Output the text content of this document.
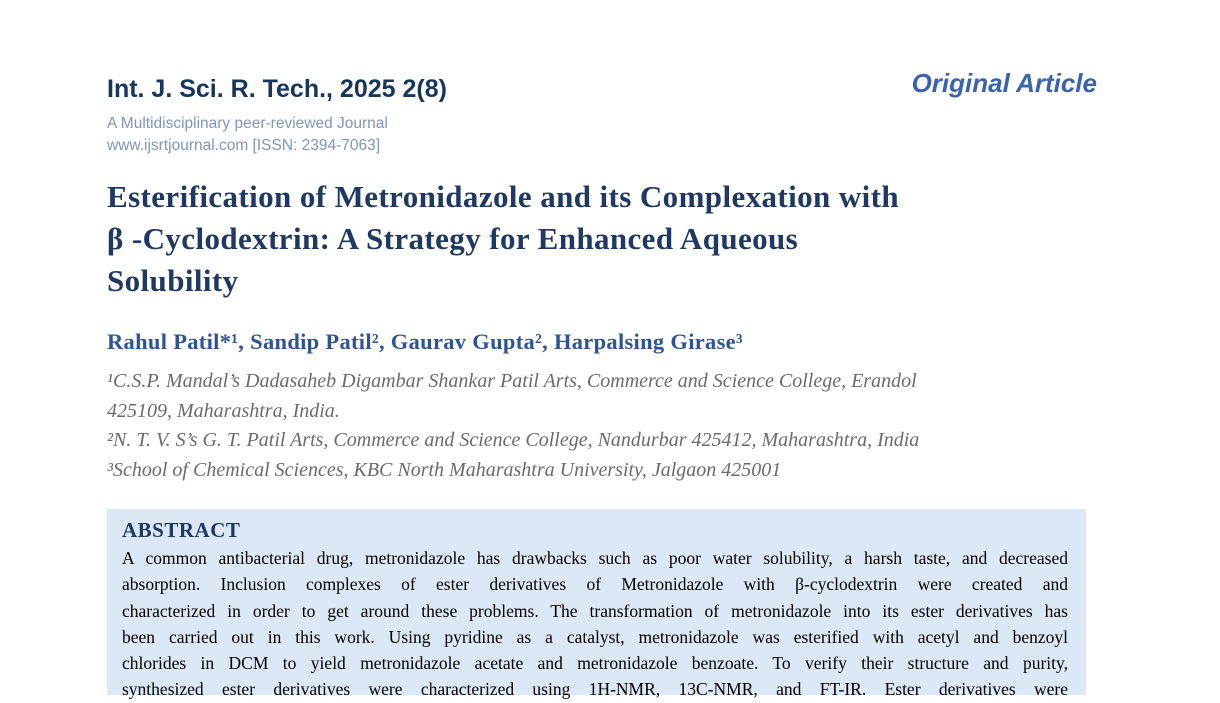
Int. J. Sci. R. Tech., 2025 2(8)
A Multidisciplinary peer-reviewed Journal
www.ijsrtjournal.com [ISSN: 2394-7063]
Original Article
Esterification of Metronidazole and its Complexation with
β -Cyclodextrin: A Strategy for Enhanced Aqueous
Solubility
Rahul Patil*¹, Sandip Patil², Gaurav Gupta², Harpalsing Girase³
¹C.S.P. Mandal’s Dadasaheb Digambar Shankar Patil Arts, Commerce and Science College, Erandol
425109, Maharashtra, India.
²N. T. V. S’s G. T. Patil Arts, Commerce and Science College, Nandurbar 425412, Maharashtra, India
³School of Chemical Sciences, KBC North Maharashtra University, Jalgaon 425001
ABSTRACT
A common antibacterial drug, metronidazole has drawbacks such as poor water solubility, a harsh taste, and decreased
absorption. Inclusion complexes of ester derivatives of Metronidazole with β-cyclodextrin were created and
characterized in order to get around these problems. The transformation of metronidazole into its ester derivatives has
been carried out in this work. Using pyridine as a catalyst, metronidazole was esterified with acetyl and benzoyl
chlorides in DCM to yield metronidazole acetate and metronidazole benzoate. To verify their structure and purity,
synthesized ester derivatives were characterized using 1H-NMR, 13C-NMR, and FT-IR. Ester derivatives were
